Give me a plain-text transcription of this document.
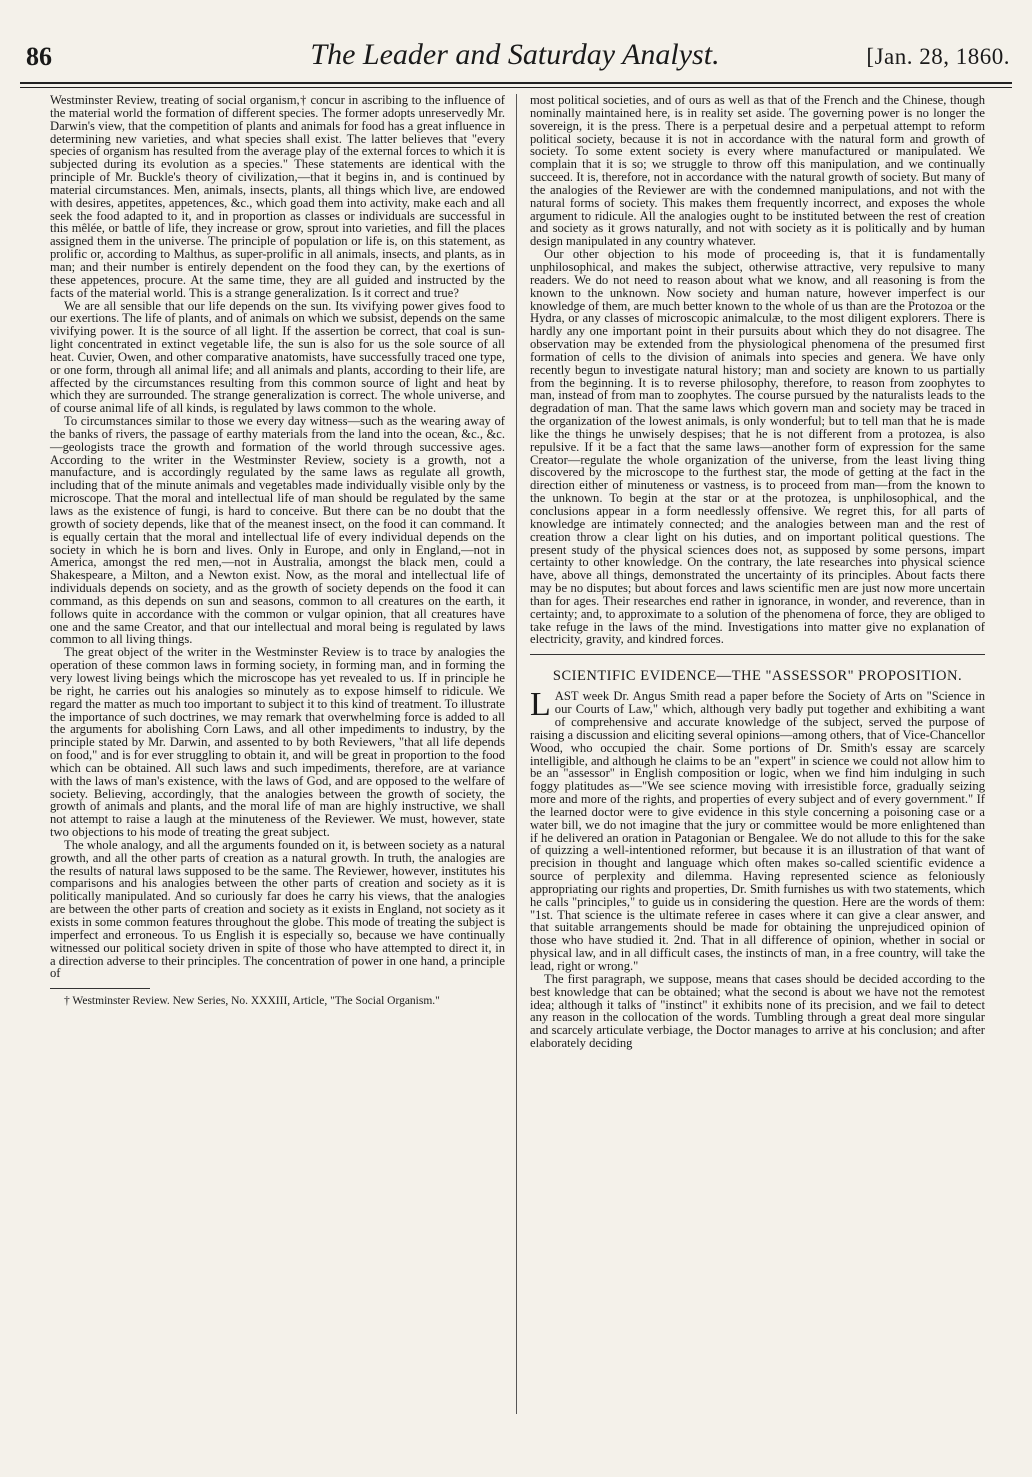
86	The Leader and Saturday Analyst.	[Jan. 28, 1860.

Westminster Review, treating of social organism,† concur in ascribing to the influence of the material world the formation of different species. The former adopts unreservedly Mr. Darwin's view, that the competition of plants and animals for food has a great influence in determining new varieties, and what species shall exist. The latter believes that "every species of organism has resulted from the average play of the external forces to which it is subjected during its evolution as a species." These statements are identical with the principle of Mr. Buckle's theory of civilization,—that it begins in, and is continued by material circumstances. Men, animals, insects, plants, all things which live, are endowed with desires, appetites, appetences, &c., which goad them into activity, make each and all seek the food adapted to it, and in proportion as classes or individuals are successful in this mêlée, or battle of life, they increase or grow, sprout into varieties, and fill the places assigned them in the universe. The principle of population or life is, on this statement, as prolific or, according to Malthus, as super-prolific in all animals, insects, and plants, as in man; and their number is entirely dependent on the food they can, by the exertions of these appetences, procure. At the same time, they are all guided and instructed by the facts of the material world. This is a strange generalization. Is it correct and true?

We are all sensible that our life depends on the sun. Its vivifying power gives food to our exertions. The life of plants, and of animals on which we subsist, depends on the same vivifying power. It is the source of all light. If the assertion be correct, that coal is sun-light concentrated in extinct vegetable life, the sun is also for us the sole source of all heat. Cuvier, Owen, and other comparative anatomists, have successfully traced one type, or one form, through all animal life; and all animals and plants, according to their life, are affected by the circumstances resulting from this common source of light and heat by which they are surrounded. The strange generalization is correct. The whole universe, and of course animal life of all kinds, is regulated by laws common to the whole.

To circumstances similar to those we every day witness—such as the wearing away of the banks of rivers, the passage of earthy materials from the land into the ocean, &c., &c.—geologists trace the growth and formation of the world through successive ages. According to the writer in the Westminster Review, society is a growth, not a manufacture, and is accordingly regulated by the same laws as regulate all growth, including that of the minute animals and vegetables made individually visible only by the microscope. That the moral and intellectual life of man should be regulated by the same laws as the existence of fungi, is hard to conceive. But there can be no doubt that the growth of society depends, like that of the meanest insect, on the food it can command. It is equally certain that the moral and intellectual life of every individual depends on the society in which he is born and lives. Only in Europe, and only in England,—not in America, amongst the red men,—not in Australia, amongst the black men, could a Shakespeare, a Milton, and a Newton exist. Now, as the moral and intellectual life of individuals depends on society, and as the growth of society depends on the food it can command, as this depends on sun and seasons, common to all creatures on the earth, it follows quite in accordance with the common or vulgar opinion, that all creatures have one and the same Creator, and that our intellectual and moral being is regulated by laws common to all living things.

The great object of the writer in the Westminster Review is to trace by analogies the operation of these common laws in forming society, in forming man, and in forming the very lowest living beings which the microscope has yet revealed to us. If in principle he be right, he carries out his analogies so minutely as to expose himself to ridicule. We regard the matter as much too important to subject it to this kind of treatment. To illustrate the importance of such doctrines, we may remark that overwhelming force is added to all the arguments for abolishing Corn Laws, and all other impediments to industry, by the principle stated by Mr. Darwin, and assented to by both Reviewers, "that all life depends on food," and is for ever struggling to obtain it, and will be great in proportion to the food which can be obtained. All such laws and such impediments, therefore, are at variance with the laws of man's existence, with the laws of God, and are opposed to the welfare of society. Believing, accordingly, that the analogies between the growth of society, the growth of animals and plants, and the moral life of man are highly instructive, we shall not attempt to raise a laugh at the minuteness of the Reviewer. We must, however, state two objections to his mode of treating the great subject.

The whole analogy, and all the arguments founded on it, is between society as a natural growth, and all the other parts of creation as a natural growth. In truth, the analogies are the results of natural laws supposed to be the same. The Reviewer, however, institutes his comparisons and his analogies between the other parts of creation and society as it is politically manipulated. And so curiously far does he carry his views, that the analogies are between the other parts of creation and society as it exists in England, not society as it exists in some common features throughout the globe. This mode of treating the subject is imperfect and erroneous. To us English it is especially so, because we have continually witnessed our political society driven in spite of those who have attempted to direct it, in a direction adverse to their principles. The concentration of power in one hand, a principle of

† Westminster Review. New Series, No. XXXIII, Article, "The Social Organism."

most political societies, and of ours as well as that of the French and the Chinese, though nominally maintained here, is in reality set aside. The governing power is no longer the sovereign, it is the press. There is a perpetual desire and a perpetual attempt to reform political society, because it is not in accordance with the natural form and growth of society. To some extent society is every where manufactured or manipulated. We complain that it is so; we struggle to throw off this manipulation, and we continually succeed. It is, therefore, not in accordance with the natural growth of society. But many of the analogies of the Reviewer are with the condemned manipulations, and not with the natural forms of society. This makes them frequently incorrect, and exposes the whole argument to ridicule. All the analogies ought to be instituted between the rest of creation and society as it grows naturally, and not with society as it is politically and by human design manipulated in any country whatever.

Our other objection to his mode of proceeding is, that it is fundamentally unphilosophical, and makes the subject, otherwise attractive, very repulsive to many readers. We do not need to reason about what we know, and all reasoning is from the known to the unknown. Now society and human nature, however imperfect is our knowledge of them, are much better known to the whole of us than are the Protozoa or the Hydra, or any classes of microscopic animalculæ, to the most diligent explorers. There is hardly any one important point in their pursuits about which they do not disagree. The observation may be extended from the physiological phenomena of the presumed first formation of cells to the division of animals into species and genera. We have only recently begun to investigate natural history; man and society are known to us partially from the beginning. It is to reverse philosophy, therefore, to reason from zoophytes to man, instead of from man to zoophytes. The course pursued by the naturalists leads to the degradation of man. That the same laws which govern man and society may be traced in the organization of the lowest animals, is only wonderful; but to tell man that he is made like the things he unwisely despises; that he is not different from a protozea, is also repulsive. If it be a fact that the same laws—another form of expression for the same Creator—regulate the whole organization of the universe, from the least living thing discovered by the microscope to the furthest star, the mode of getting at the fact in the direction either of minuteness or vastness, is to proceed from man—from the known to the unknown. To begin at the star or at the protozea, is unphilosophical, and the conclusions appear in a form needlessly offensive. We regret this, for all parts of knowledge are intimately connected; and the analogies between man and the rest of creation throw a clear light on his duties, and on important political questions. The present study of the physical sciences does not, as supposed by some persons, impart certainty to other knowledge. On the contrary, the late researches into physical science have, above all things, demonstrated the uncertainty of its principles. About facts there may be no disputes; but about forces and laws scientific men are just now more uncertain than for ages. Their researches end rather in ignorance, in wonder, and reverence, than in certainty; and, to approximate to a solution of the phenomena of force, they are obliged to take refuge in the laws of the mind. Investigations into matter give no explanation of electricity, gravity, and kindred forces.

SCIENTIFIC EVIDENCE—THE "ASSESSOR" PROPOSITION.

LAST week Dr. Angus Smith read a paper before the Society of Arts on "Science in our Courts of Law," which, although very badly put together and exhibiting a want of comprehensive and accurate knowledge of the subject, served the purpose of raising a discussion and eliciting several opinions—among others, that of Vice-Chancellor Wood, who occupied the chair. Some portions of Dr. Smith's essay are scarcely intelligible, and although he claims to be an "expert" in science we could not allow him to be an "assessor" in English composition or logic, when we find him indulging in such foggy platitudes as—"We see science moving with irresistible force, gradually seizing more and more of the rights, and properties of every subject and of every government." If the learned doctor were to give evidence in this style concerning a poisoning case or a water bill, we do not imagine that the jury or committee would be more enlightened than if he delivered an oration in Patagonian or Bengalee. We do not allude to this for the sake of quizzing a well-intentioned reformer, but because it is an illustration of that want of precision in thought and language which often makes so-called scientific evidence a source of perplexity and dilemma. Having represented science as feloniously appropriating our rights and properties, Dr. Smith furnishes us with two statements, which he calls "principles," to guide us in considering the question. Here are the words of them: "1st. That science is the ultimate referee in cases where it can give a clear answer, and that suitable arrangements should be made for obtaining the unprejudiced opinion of those who have studied it. 2nd. That in all difference of opinion, whether in social or physical law, and in all difficult cases, the instincts of man, in a free country, will take the lead, right or wrong."

The first paragraph, we suppose, means that cases should be decided according to the best knowledge that can be obtained; what the second is about we have not the remotest idea; although it talks of "instinct" it exhibits none of its precision, and we fail to detect any reason in the collocation of the words. Tumbling through a great deal more singular and scarcely articulate verbiage, the Doctor manages to arrive at his conclusion; and after elaborately deciding
